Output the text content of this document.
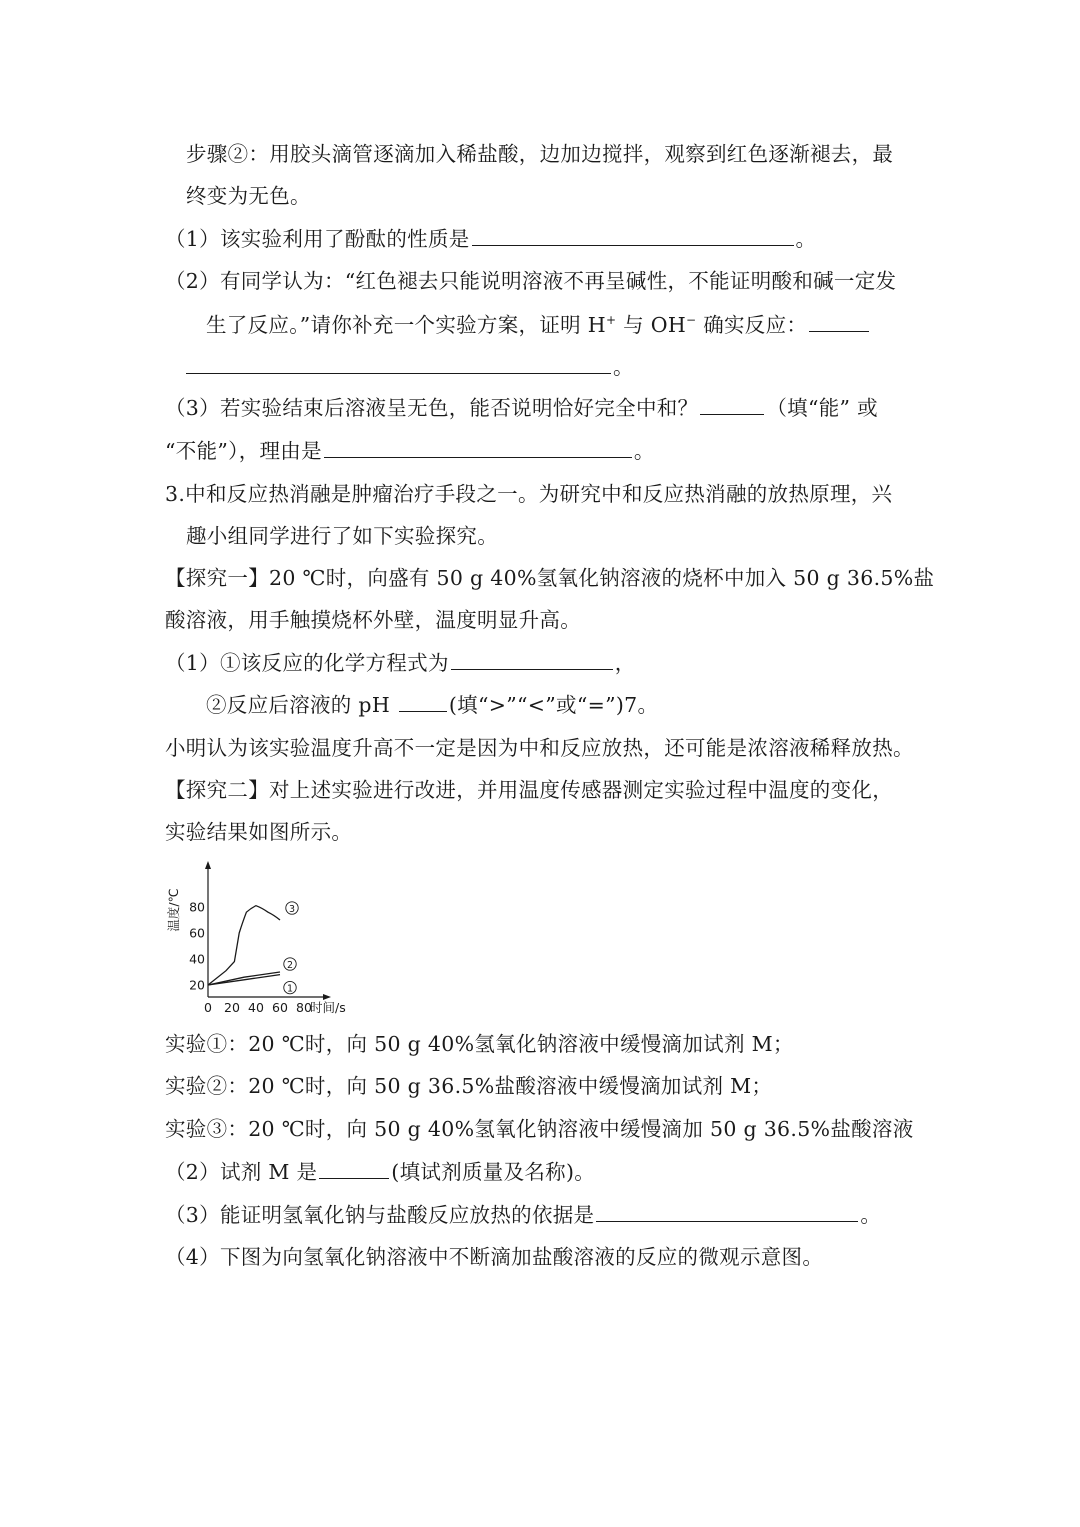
步骤②：用胶头滴管逐滴加入稀盐酸，边加边搅拌，观察到红色逐渐褪去，最
终变为无色。
（1）该实验利用了酚酞的性质是	。
（2）有同学认为：“红色褪去只能说明溶液不再呈碱性，不能证明酸和碱一定发
生了反应。”请你补充一个实验方案，证明 H+ 与 OH− 确实反应：
。
（3）若实验结束后溶液呈无色，能否说明恰好完全中和？	（填“能” 或
“不能”），理由是	。
3.中和反应热消融是肿瘤治疗手段之一。为研究中和反应热消融的放热原理，兴
趣小组同学进行了如下实验探究。
【探究一】20 ℃时，向盛有 50 g 40%氢氧化钠溶液的烧杯中加入 50 g 36.5%盐
酸溶液，用手触摸烧杯外壁，温度明显升高。
（1）①该反应的化学方程式为	，
②反应后溶液的 pH	(填“>”“<”或“=”)7。
小明认为该实验温度升高不一定是因为中和反应放热，还可能是浓溶液稀释放热。
【探究二】对上述实验进行改进，并用温度传感器测定实验过程中温度的变化，
实验结果如图所示。
温度/℃
20
40
60
80
0 20 40 60 80
时间/s
1
2
3
实验①：20 ℃时，向 50 g 40%氢氧化钠溶液中缓慢滴加试剂 M；
实验②：20 ℃时，向 50 g 36.5%盐酸溶液中缓慢滴加试剂 M；
实验③：20 ℃时，向 50 g 40%氢氧化钠溶液中缓慢滴加 50 g 36.5%盐酸溶液
（2）试剂 M 是	(填试剂质量及名称)。
（3）能证明氢氧化钠与盐酸反应放热的依据是	。
（4）下图为向氢氧化钠溶液中不断滴加盐酸溶液的反应的微观示意图。
